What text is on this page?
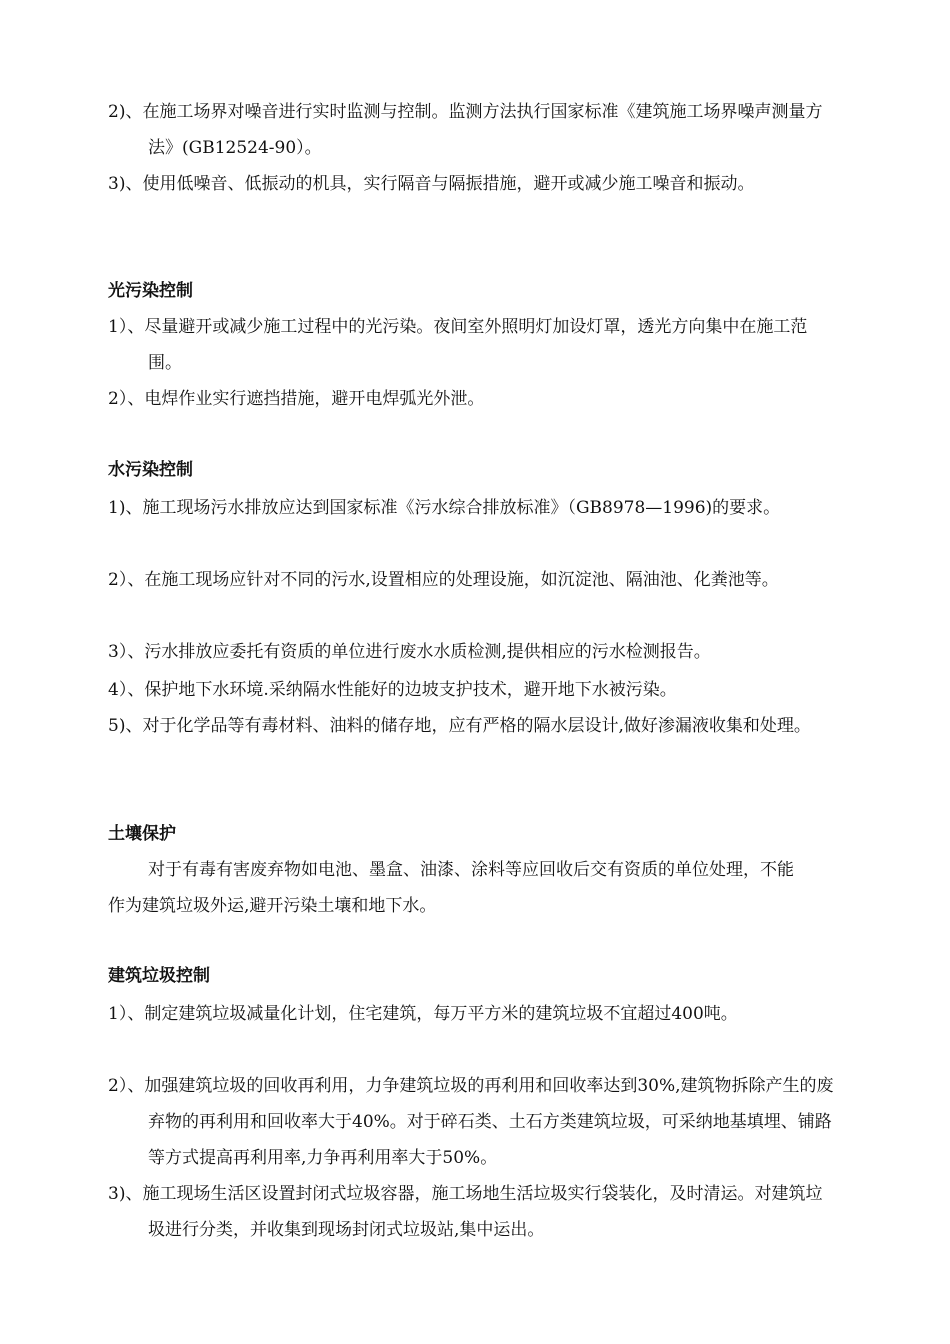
2)、在施工场界对噪音进行实时监测与控制。监测方法执行国家标准《建筑施工场界噪声测量方法》(GB12524-90）。

3)、使用低噪音、低振动的机具，实行隔音与隔振措施，避开或减少施工噪音和振动。

光污染控制

1）、尽量避开或减少施工过程中的光污染。夜间室外照明灯加设灯罩，透光方向集中在施工范围。

2）、电焊作业实行遮挡措施，避开电焊弧光外泄。

水污染控制

1)、施工现场污水排放应达到国家标准《污水综合排放标准》（GB8978—1996)的要求。

2）、在施工现场应针对不同的污水,设置相应的处理设施，如沉淀池、隔油池、化粪池等。

3）、污水排放应委托有资质的单位进行废水水质检测,提供相应的污水检测报告。

4）、保护地下水环境.采纳隔水性能好的边坡支护技术，避开地下水被污染。

5)、对于化学品等有毒材料、油料的储存地，应有严格的隔水层设计,做好渗漏液收集和处理。

土壤保护

对于有毒有害废弃物如电池、墨盒、油漆、涂料等应回收后交有资质的单位处理，不能作为建筑垃圾外运,避开污染土壤和地下水。

建筑垃圾控制

1）、制定建筑垃圾减量化计划，住宅建筑，每万平方米的建筑垃圾不宜超过400吨。

2）、加强建筑垃圾的回收再利用，力争建筑垃圾的再利用和回收率达到30%,建筑物拆除产生的废弃物的再利用和回收率大于40%。对于碎石类、土石方类建筑垃圾，可采纳地基填埋、铺路等方式提高再利用率,力争再利用率大于50%。

3)、施工现场生活区设置封闭式垃圾容器，施工场地生活垃圾实行袋装化，及时清运。对建筑垃圾进行分类，并收集到现场封闭式垃圾站,集中运出。
